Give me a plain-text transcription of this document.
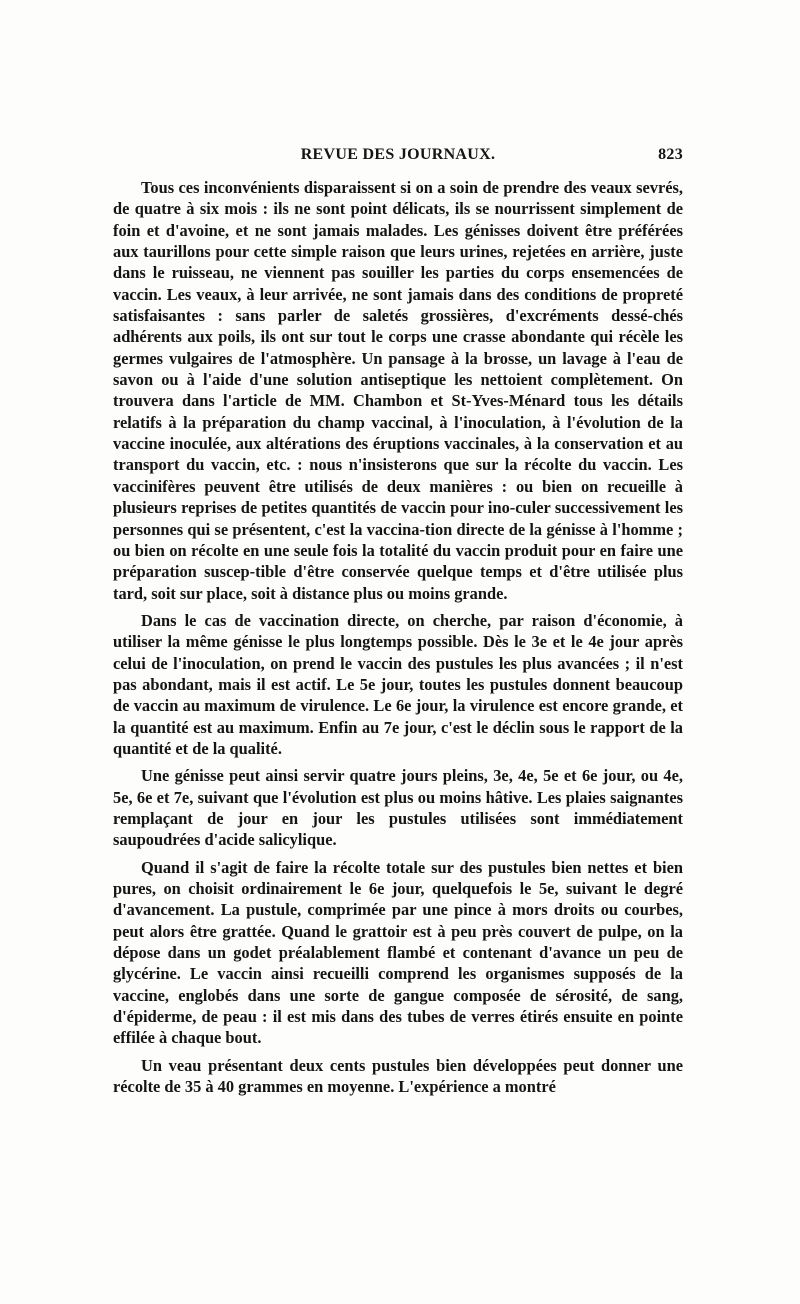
REVUE DES JOURNAUX.	823

Tous ces inconvénients disparaissent si on a soin de prendre des veaux sevrés, de quatre à six mois : ils ne sont point délicats, ils se nourrissent simplement de foin et d'avoine, et ne sont jamais malades. Les génisses doivent être préférées aux taurillons pour cette simple raison que leurs urines, rejetées en arrière, juste dans le ruisseau, ne viennent pas souiller les parties du corps ensemencées de vaccin. Les veaux, à leur arrivée, ne sont jamais dans des conditions de propreté satisfaisantes : sans parler de saletés grossières, d'excréments dessé-chés adhérents aux poils, ils ont sur tout le corps une crasse abondante qui récèle les germes vulgaires de l'atmosphère. Un pansage à la brosse, un lavage à l'eau de savon ou à l'aide d'une solution antiseptique les nettoient complètement. On trouvera dans l'article de MM. Chambon et St-Yves-Ménard tous les détails relatifs à la préparation du champ vaccinal, à l'inoculation, à l'évolution de la vaccine inoculée, aux altérations des éruptions vaccinales, à la conservation et au transport du vaccin, etc. : nous n'insisterons que sur la récolte du vaccin. Les vaccinifères peuvent être utilisés de deux manières : ou bien on recueille à plusieurs reprises de petites quantités de vaccin pour ino-culer successivement les personnes qui se présentent, c'est la vaccina-tion directe de la génisse à l'homme ; ou bien on récolte en une seule fois la totalité du vaccin produit pour en faire une préparation suscep-tible d'être conservée quelque temps et d'être utilisée plus tard, soit sur place, soit à distance plus ou moins grande.

Dans le cas de vaccination directe, on cherche, par raison d'économie, à utiliser la même génisse le plus longtemps possible. Dès le 3e et le 4e jour après celui de l'inoculation, on prend le vaccin des pustules les plus avancées ; il n'est pas abondant, mais il est actif. Le 5e jour, toutes les pustules donnent beaucoup de vaccin au maximum de virulence. Le 6e jour, la virulence est encore grande, et la quantité est au maximum. Enfin au 7e jour, c'est le déclin sous le rapport de la quantité et de la qualité.

Une génisse peut ainsi servir quatre jours pleins, 3e, 4e, 5e et 6e jour, ou 4e, 5e, 6e et 7e, suivant que l'évolution est plus ou moins hâtive. Les plaies saignantes remplaçant de jour en jour les pustules utilisées sont immédiatement saupoudrées d'acide salicylique.

Quand il s'agit de faire la récolte totale sur des pustules bien nettes et bien pures, on choisit ordinairement le 6e jour, quelquefois le 5e, suivant le degré d'avancement. La pustule, comprimée par une pince à mors droits ou courbes, peut alors être grattée. Quand le grattoir est à peu près couvert de pulpe, on la dépose dans un godet préalablement flambé et contenant d'avance un peu de glycérine. Le vaccin ainsi recueilli comprend les organismes supposés de la vaccine, englobés dans une sorte de gangue composée de sérosité, de sang, d'épiderme, de peau : il est mis dans des tubes de verres étirés ensuite en pointe effilée à chaque bout.

Un veau présentant deux cents pustules bien développées peut donner une récolte de 35 à 40 grammes en moyenne. L'expérience a montré
